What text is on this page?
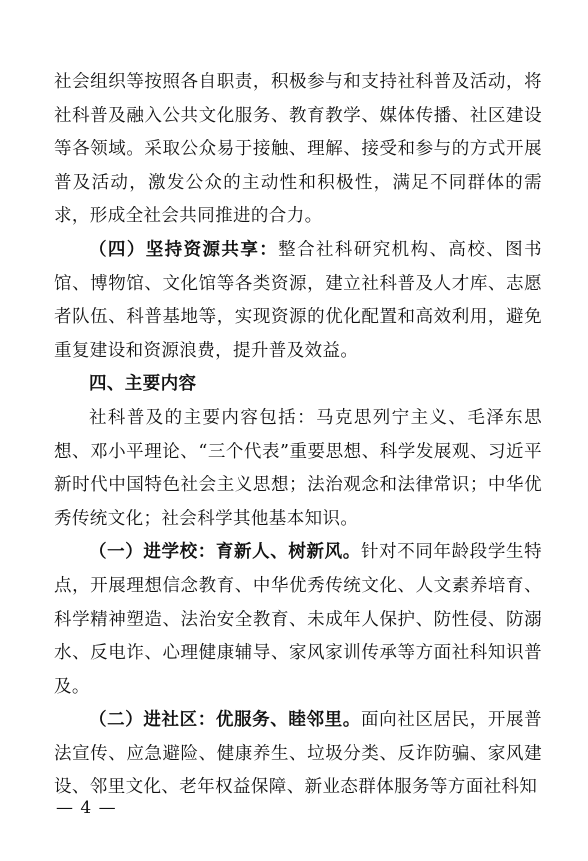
社会组织等按照各自职责，积极参与和支持社科普及活动，将社科普及融入公共文化服务、教育教学、媒体传播、社区建设等各领域。采取公众易于接触、理解、接受和参与的方式开展普及活动，激发公众的主动性和积极性，满足不同群体的需求，形成全社会共同推进的合力。

（四）坚持资源共享：整合社科研究机构、高校、图书馆、博物馆、文化馆等各类资源，建立社科普及人才库、志愿者队伍、科普基地等，实现资源的优化配置和高效利用，避免重复建设和资源浪费，提升普及效益。

四、主要内容

社科普及的主要内容包括：马克思列宁主义、毛泽东思想、邓小平理论、“三个代表”重要思想、科学发展观、习近平新时代中国特色社会主义思想；法治观念和法律常识；中华优秀传统文化；社会科学其他基本知识。

（一）进学校：育新人、树新风。针对不同年龄段学生特点，开展理想信念教育、中华优秀传统文化、人文素养培育、科学精神塑造、法治安全教育、未成年人保护、防性侵、防溺水、反电诈、心理健康辅导、家风家训传承等方面社科知识普及。

（二）进社区：优服务、睦邻里。面向社区居民，开展普法宣传、应急避险、健康养生、垃圾分类、反诈防骗、家风建设、邻里文化、老年权益保障、新业态群体服务等方面社科知

— 4 —
